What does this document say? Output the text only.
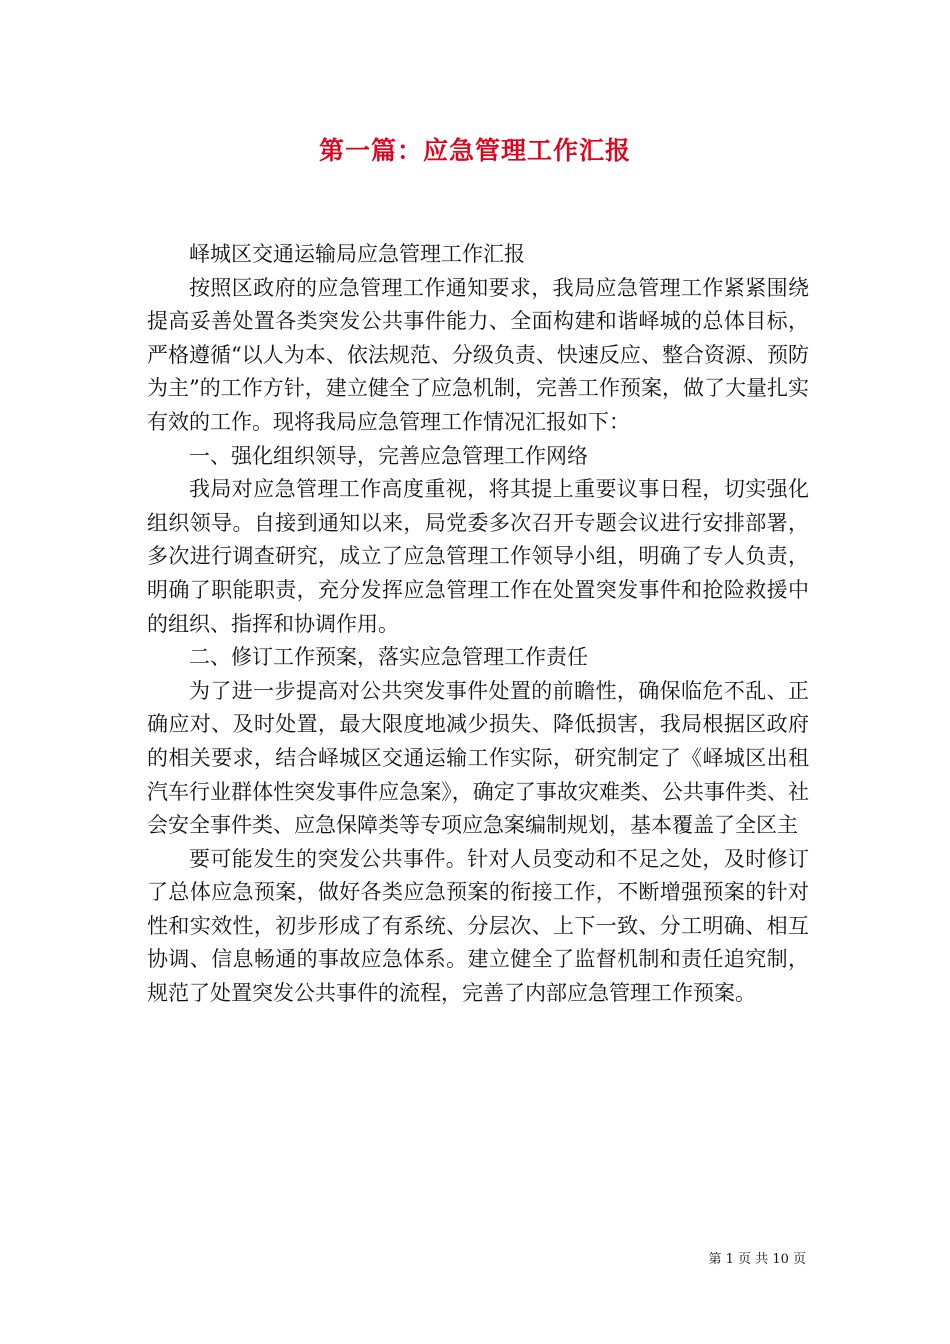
第一篇：应急管理工作汇报

峄城区交通运输局应急管理工作汇报

按照区政府的应急管理工作通知要求，我局应急管理工作紧紧围绕提高妥善处置各类突发公共事件能力、全面构建和谐峄城的总体目标，严格遵循“以人为本、依法规范、分级负责、快速反应、整合资源、预防为主”的工作方针，建立健全了应急机制，完善工作预案，做了大量扎实有效的工作。现将我局应急管理工作情况汇报如下：

一、强化组织领导，完善应急管理工作网络

我局对应急管理工作高度重视，将其提上重要议事日程，切实强化组织领导。自接到通知以来，局党委多次召开专题会议进行安排部署，多次进行调查研究，成立了应急管理工作领导小组，明确了专人负责，明确了职能职责，充分发挥应急管理工作在处置突发事件和抢险救援中的组织、指挥和协调作用。

二、修订工作预案，落实应急管理工作责任

为了进一步提高对公共突发事件处置的前瞻性，确保临危不乱、正确应对、及时处置，最大限度地减少损失、降低损害，我局根据区政府的相关要求，结合峄城区交通运输工作实际，研究制定了《峄城区出租汽车行业群体性突发事件应急案》，确定了事故灾难类、公共事件类、社会安全事件类、应急保障类等专项应急案编制规划，基本覆盖了全区主

要可能发生的突发公共事件。针对人员变动和不足之处，及时修订了总体应急预案，做好各类应急预案的衔接工作，不断增强预案的针对性和实效性，初步形成了有系统、分层次、上下一致、分工明确、相互协调、信息畅通的事故应急体系。建立健全了监督机制和责任追究制，规范了处置突发公共事件的流程，完善了内部应急管理工作预案。

第 1 页 共 10 页
